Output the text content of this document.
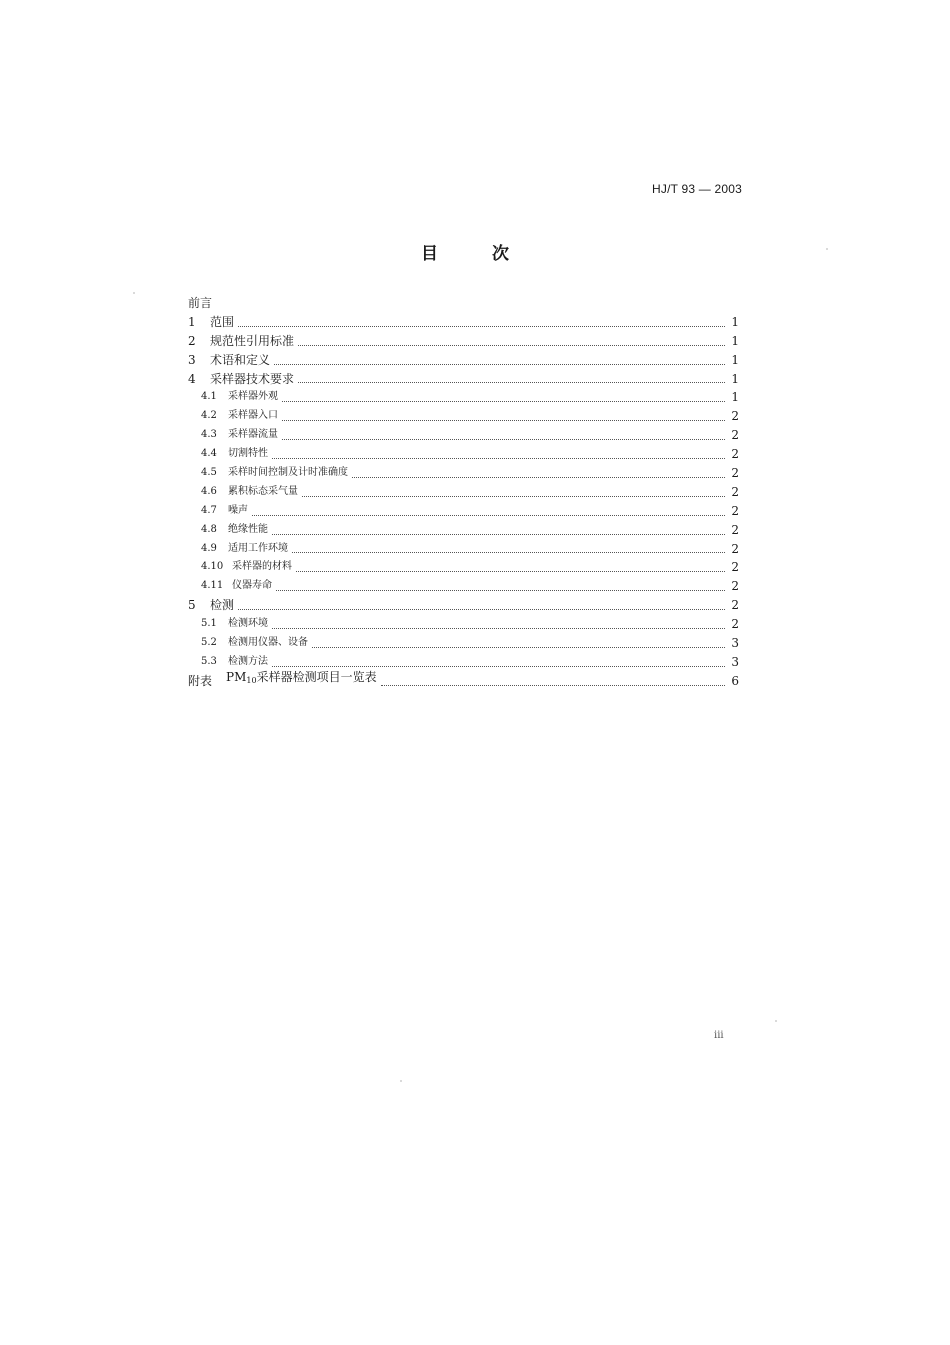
HJ/T 93 — 2003
目次
前言
1	范围	1
2	规范性引用标准	1
3	术语和定义	1
4	采样器技术要求	1
4.1	采样器外观	1
4.2	采样器入口	2
4.3	采样器流量	2
4.4	切割特性	2
4.5	采样时间控制及计时准确度	2
4.6	累积标态采气量	2
4.7	噪声	2
4.8	绝缘性能	2
4.9	适用工作环境	2
4.10 采样器的材料	2
4.11 仪器寿命	2
5	检测	2
5.1	检测环境	2
5.2	检测用仪器、设备	3
5.3	检测方法	3
附表	$PM_{10}$采样器检测项目一览表	6
iii
